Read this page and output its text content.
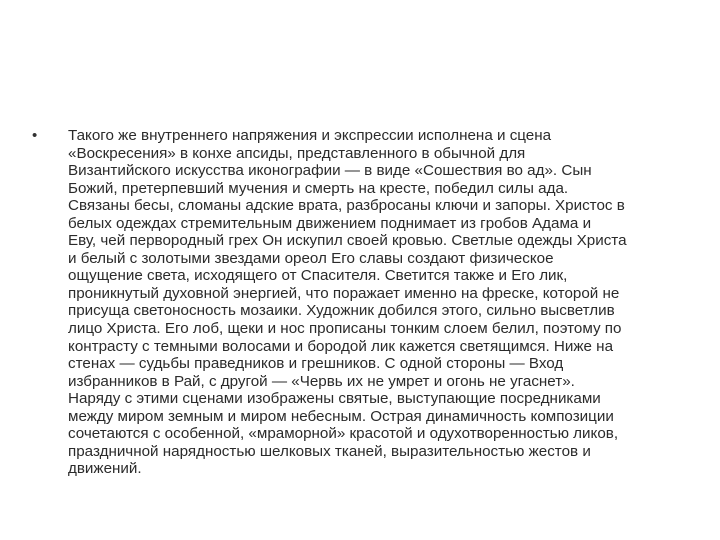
•	Такого же внутреннего напряжения и экспрессии исполнена и сцена
«Воскресения» в конхе апсиды, представленного в обычной для
Византийского искусства иконографии — в виде «Сошествия во ад». Сын
Божий, претерпевший мучения и смерть на кресте, победил силы ада.
Связаны бесы, сломаны адские врата, разбросаны ключи и запоры. Христос в
белых одеждах стремительным движением поднимает из гробов Адама и
Еву, чей первородный грех Он искупил своей кровью. Светлые одежды Христа
и белый с золотыми звездами ореол Его славы создают физическое
ощущение света, исходящего от Спасителя. Светится также и Его лик,
проникнутый духовной энергией, что поражает именно на фреске, которой не
присуща светоносность мозаики. Художник добился этого, сильно высветлив
лицо Христа. Его лоб, щеки и нос прописаны тонким слоем белил, поэтому по
контрасту с темными волосами и бородой лик кажется светящимся. Ниже на
стенах — судьбы праведников и грешников. С одной стороны — Вход
избранников в Рай, с другой — «Червь их не умрет и огонь не угаснет».
Наряду с этими сценами изображены святые, выступающие посредниками
между миром земным и миром небесным. Острая динамичность композиции
сочетаются с особенной, «мраморной» красотой и одухотворенностью ликов,
праздничной нарядностью шелковых тканей, выразительностью жестов и
движений.
